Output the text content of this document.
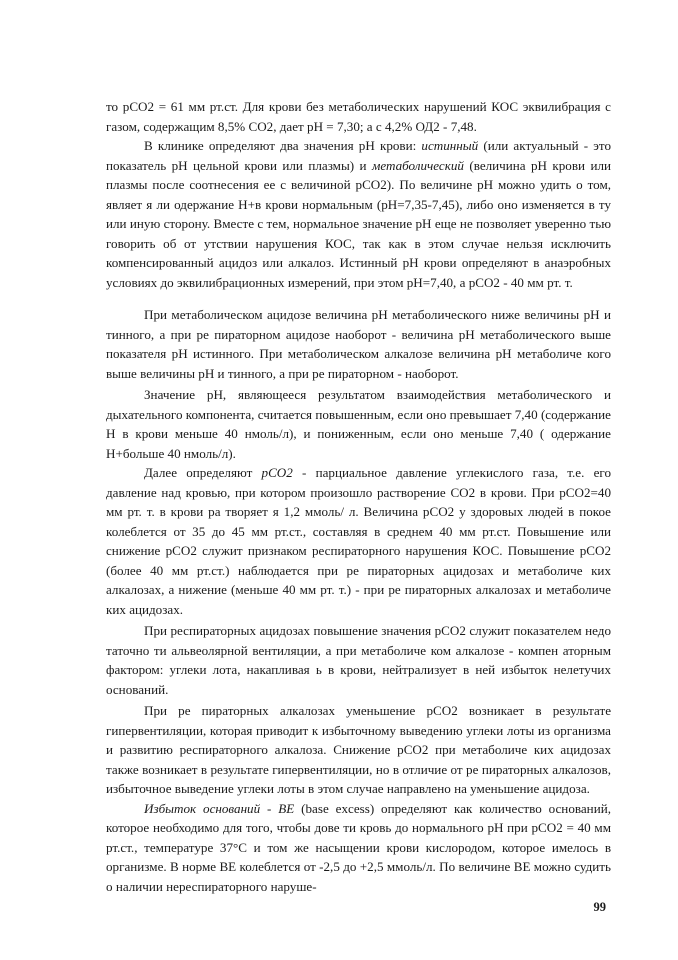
то pCO2 = 61 мм рт.ст. Для крови без метаболических нарушений КОС эквилибрация с газом, содержащим 8,5% CO2, дает pH = 7,30; а с 4,2% ОД2 - 7,48.

В клинике определяют два значения pH крови: истинный (или актуальный - это показатель pH цельной крови или плазмы) и метаболический (величина pH крови или плазмы после соотнесения ее с величиной pCO2). По величине pH можно удить о том, являет я ли одержание H+в крови нормальным (pH=7,35-7,45), либо оно изменяется в ту или иную сторону. Вместе с тем, нормальное значение pH еще не позволяет уверенно тью говорить об от утствии нарушения КОС, так как в этом случае нельзя исключить компенсированный ацидоз или алкалоз. Истинный pH крови определяют в анаэробных условиях до эквилибрационных измерений, при этом pH=7,40, а pCO2 - 40 мм рт. т.

При метаболическом ацидозе величина pH метаболического ниже величины pH и тинного, а при ре пираторном ацидозе наоборот - величина pH метаболического выше показателя pH истинного. При метаболическом алкалозе величина pH метаболиче кого выше величины pH и тинного, а при ре пираторном - наоборот.

Значение pH, являющееся результатом взаимодействия метаболического и дыхательного компонента, считается повышенным, если оно превышает 7,40 (содержание H в крови меньше 40 нмоль/л), и пониженным, если оно меньше 7,40 ( одержание H+больше 40 нмоль/л).

Далее определяют pCO2 - парциальное давление углекислого газа, т.е. его давление над кровью, при котором произошло растворение CO2 в крови. При pCO2=40 мм рт. т. в крови ра творяет я 1,2 ммоль/ л. Величина pCO2 у здоровых людей в покое колеблется от 35 до 45 мм рт.ст., составляя в среднем 40 мм рт.ст. Повышение или снижение pCO2 служит признаком респираторного нарушения КОС. Повышение pCO2 (более 40 мм рт.ст.) наблюдается при ре пираторных ацидозах и метаболиче ких алкалозах, а нижение (меньше 40 мм рт. т.) - при ре пираторных алкалозах и метаболиче ких ацидозах.

При респираторных ацидозах повышение значения pCO2 служит показателем недо таточно ти альвеолярной вентиляции, а при метаболиче ком алкалозе - компен аторным фактором: углеки лота, накапливая ь в крови, нейтрализует в ней избыток нелетучих оснований.

При ре пираторных алкалозах уменьшение pCO2 возникает в результате гипервентиляции, которая приводит к избыточному выведению углеки лоты из организма и развитию респираторного алкалоза. Снижение pCO2 при метаболиче ких ацидозах также возникает в результате гипервентиляции, но в отличие от ре пираторных алкалозов, избыточное выведение углеки лоты в этом случае направлено на уменьшение ацидоза.

Избыток оснований - BE (base excess) определяют как количество оснований, которое необходимо для того, чтобы дове ти кровь до нормального pH при pCO2 = 40 мм рт.ст., температуре 37°C и том же насыщении крови кислородом, которое имелось в организме. В норме BE колеблется от -2,5 до +2,5 ммоль/л. По величине BE можно судить о наличии нереспираторного наруше-

99
